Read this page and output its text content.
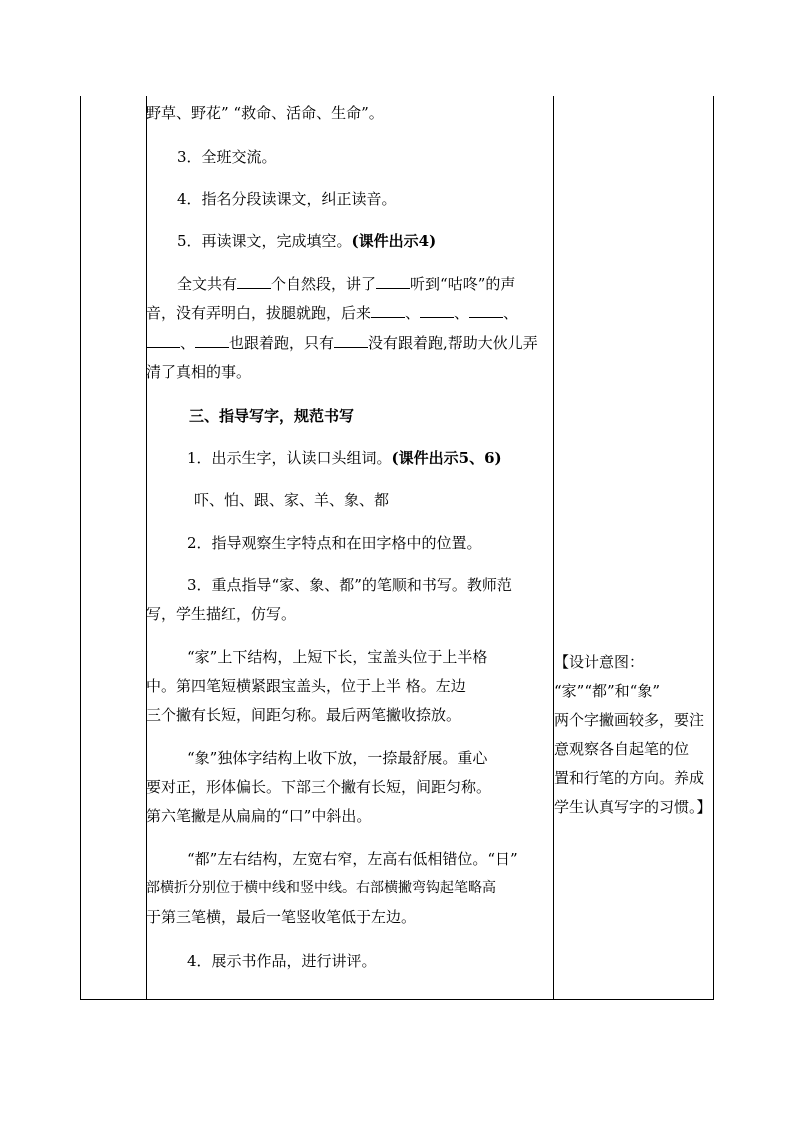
野草、野花” “救命、活命、生命”。
3．全班交流。
4．指名分段读课文，纠正读音。
5．再读课文，完成填空。(课件出示4)
全文共有 个自然段，讲了 听到“咕咚”的声
音，没有弄明白，拔腿就跑，后来 、 、 、
、 也跟着跑，只有 没有跟着跑,帮助大伙儿弄
清了真相的事。
三、指导写字，规范书写
1．出示生字，认读口头组词。(课件出示5、6)
吓、怕、跟、家、羊、象、都
2．指导观察生字特点和在田字格中的位置。
3．重点指导“家、象、都”的笔顺和书写。教师范
写，学生描红，仿写。
“家”上下结构，上短下长，宝盖头位于上半格
中。第四笔短横紧跟宝盖头，位于上半 格。左边
三个撇有长短，间距匀称。最后两笔撇收捺放。
“象”独体字结构上收下放，一捺最舒展。重心
要对正，形体偏长。下部三个撇有长短，间距匀称。
第六笔撇是从扁扁的“口”中斜出。
“都”左右结构，左宽右窄，左高右低相错位。“日”
部横折分别位于横中线和竖中线。右部横撇弯钩起笔略高
于第三笔横，最后一笔竖收笔低于左边。
4．展示书作品，进行讲评。
【设计意图：
“家”“都”和“象”
两个字撇画较多，要注
意观察各自起笔的位
置和行笔的方向。养成
学生认真写字的习惯。】
